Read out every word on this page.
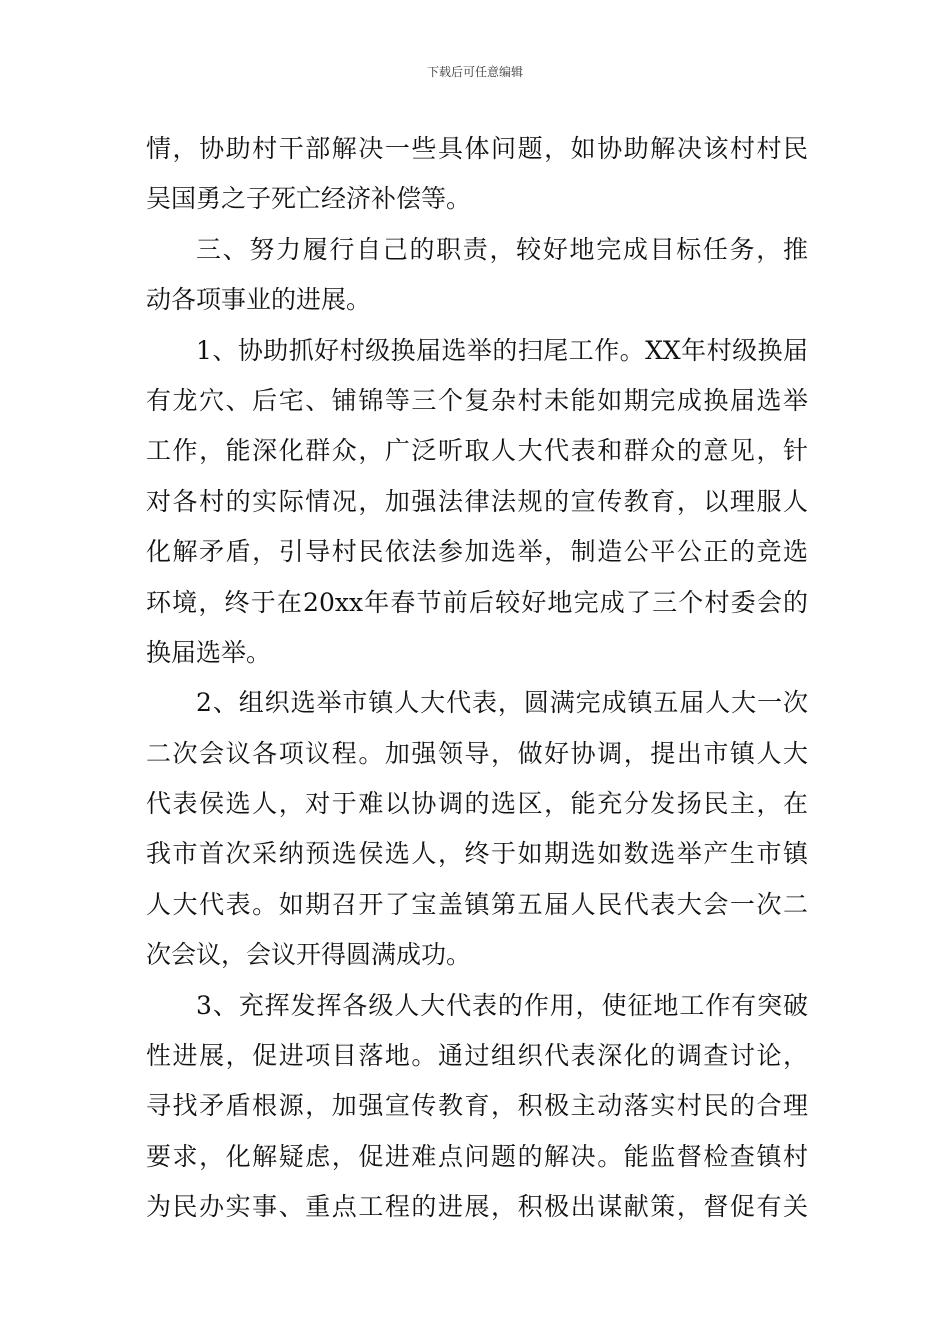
下载后可任意编辑
情，协助村干部解决一些具体问题，如协助解决该村村民
吴国勇之子死亡经济补偿等。
三、努力履行自己的职责，较好地完成目标任务，推
动各项事业的进展。
1、协助抓好村级换届选举的扫尾工作。XX年村级换届
有龙穴、后宅、铺锦等三个复杂村未能如期完成换届选举
工作，能深化群众，广泛听取人大代表和群众的意见，针
对各村的实际情况，加强法律法规的宣传教育，以理服人
化解矛盾，引导村民依法参加选举，制造公平公正的竞选
环境，终于在20xx年春节前后较好地完成了三个村委会的
换届选举。
2、组织选举市镇人大代表，圆满完成镇五届人大一次
二次会议各项议程。加强领导，做好协调，提出市镇人大
代表侯选人，对于难以协调的选区，能充分发扬民主，在
我市首次采纳预选侯选人，终于如期选如数选举产生市镇
人大代表。如期召开了宝盖镇第五届人民代表大会一次二
次会议，会议开得圆满成功。
3、充挥发挥各级人大代表的作用，使征地工作有突破
性进展，促进项目落地。通过组织代表深化的调查讨论，
寻找矛盾根源，加强宣传教育，积极主动落实村民的合理
要求，化解疑虑，促进难点问题的解决。能监督检查镇村
为民办实事、重点工程的进展，积极出谋献策，督促有关
